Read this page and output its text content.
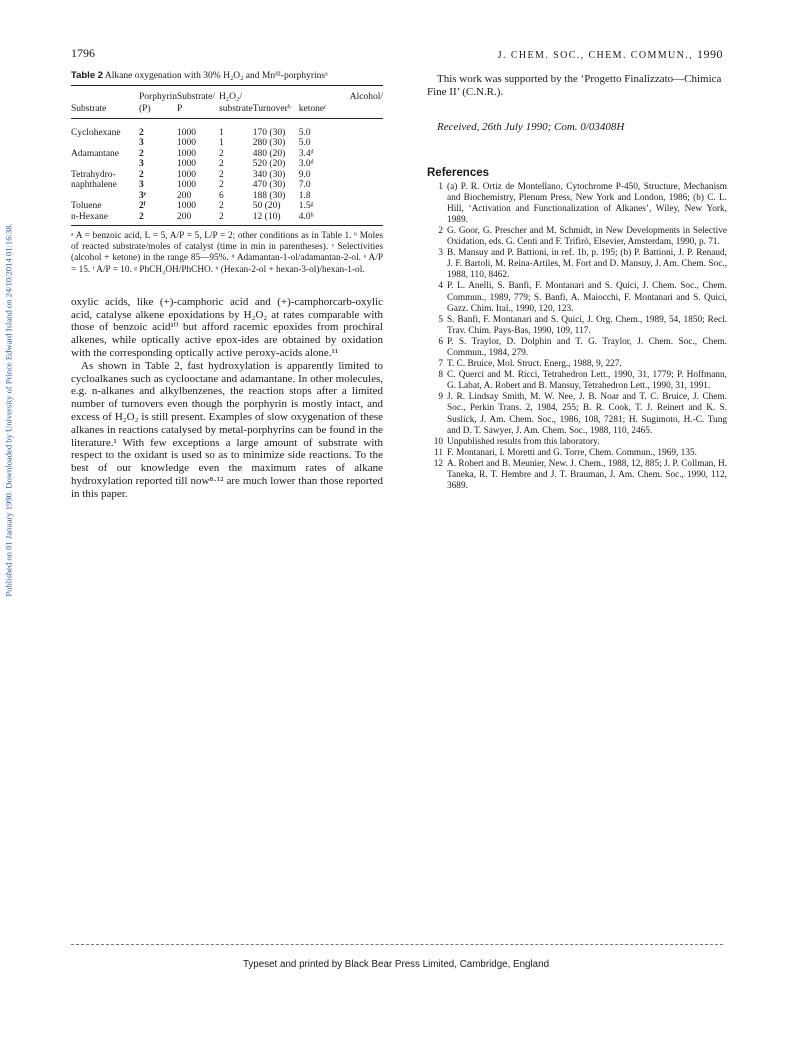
Published on 01 January 1990. Downloaded by University of Prince Edward Island on 24/10/2014 01:16:38.
1796	J. CHEM. SOC., CHEM. COMMUN., 1990
Table 2 Alkane oxygenation with 30% H₂O₂ and Mnᴵᴵᴵ-porphyrinsᵃ

	Porphyrin	Substrate/	H₂O₂/		Alcohol/
Substrate	(P)	P	substrate	Turnoverᵇ	ketoneᶜ

Cyclohexane	2	1000	1	170 (30)	5.0
	3	1000	1	280 (30)	5.0
Adamantane	2	1000	2	480 (20)	3.4ᵈ
	3	1000	2	520 (20)	3.0ᵈ
Tetrahydro-	2	1000	2	340 (30)	9.0
naphthalene	3	1000	2	470 (30)	7.0
	3ᵉ	200	6	188 (30)	1.8
Toluene	2ᶠ	1000	2	50 (20)	1.5ᵍ
n-Hexane	2	200	2	12 (10)	4.0ʰ

ᵃ A = benzoic acid, L = 5, A/P = 5, L/P = 2; other conditions as in Table 1. ᵇ Moles of reacted substrate/moles of catalyst (time in min in parentheses). ᶜ Selectivities (alcohol + ketone) in the range 85—95%. ᵈ Adamantan-1-ol/adamantan-2-ol. ᵉ A/P = 15. ᶠ A/P = 10. ᵍ PhCH₂OH/PhCHO. ʰ (Hexan-2-ol + hexan-3-ol)/hexan-1-ol.

oxylic acids, like (+)-camphoric acid and (+)-camphorcarb-oxylic acid, catalyse alkene epoxidations by H₂O₂ at rates comparable with those of benzoic acid¹⁰ but afford racemic epoxides from prochiral alkenes, while optically active epox-ides are obtained by oxidation with the corresponding optically active peroxy-acids alone.¹¹

As shown in Table 2, fast hydroxylation is apparently limited to cycloalkanes such as cyclooctane and adamantane. In other molecules, e.g. n-alkanes and alkylbenzenes, the reaction stops after a limited number of turnovers even though the porphyrin is mostly intact, and excess of H₂O₂ is still present. Examples of slow oxygenation of these alkanes in reactions catalysed by metal-porphyrins can be found in the literature.¹ With few exceptions a large amount of substrate with respect to the oxidant is used so as to minimize side reactions. To the best of our knowledge even the maximum rates of alkane hydroxylation reported till now⁸·¹² are much lower than those reported in this paper.

This work was supported by the ‘Progetto Finalizzato—Chimica Fine II’ (C.N.R.).
Received, 26th July 1990; Com. 0/03408H
References
1 (a) P. R. Ortiz de Montellano, Cytochrome P-450, Structure, Mechanism and Biochemistry, Plenum Press, New York and London, 1986; (b) C. L. Hill, ‘Activation and Functionalization of Alkanes’, Wiley, New York, 1989.
2 G. Goor, G. Prescher and M. Schmidt, in New Developments in Selective Oxidation, eds. G. Centi and F. Trifirò, Elsevier, Amsterdam, 1990, p. 71.
3 B. Mansuy and P. Battioni, in ref. 1b, p. 195; (b) P. Battioni, J. P. Renaud, J. F. Bartoli, M. Reina-Artiles, M. Fort and D. Mansuy, J. Am. Chem. Soc., 1988, 110, 8462.
4 P. L. Anelli, S. Banfi, F. Montanari and S. Quici, J. Chem. Soc., Chem. Commun., 1989, 779; S. Banfi, A. Maiocchi, F. Montanari and S. Quici, Gazz. Chim. Ital., 1990, 120, 123.
5 S. Banfi, F. Montanari and S. Quici, J. Org. Chem., 1989, 54, 1850; Recl. Trav. Chim. Pays-Bas, 1990, 109, 117.
6 P. S. Traylor, D. Dolphin and T. G. Traylor, J. Chem. Soc., Chem. Commun., 1984, 279.
7 T. C. Bruice, Mol. Struct. Energ., 1988, 9, 227.
8 C. Querci and M. Ricci, Tetrahedron Lett., 1990, 31, 1779; P. Hoffmann, G. Labat, A. Robert and B. Mansuy, Tetrahedron Lett., 1990, 31, 1991.
9 J. R. Lindsay Smith, M. W. Nee, J. B. Noar and T. C. Bruice, J. Chem. Soc., Perkin Trans. 2, 1984, 255; B. R. Cook, T. J. Reinert and K. S. Suslick, J. Am. Chem. Soc., 1986, 108, 7281; H. Sugimoto, H.-C. Tung and D. T. Sawyer, J. Am. Chem. Soc., 1988, 110, 2465.
10 Unpublished results from this laboratory.
11 F. Montanari, I. Moretti and G. Torre, Chem. Commun., 1969, 135.
12 A. Robert and B. Meunier, New. J. Chem., 1988, 12, 885; J. P. Collman, H. Taneka, R. T. Hembre and J. T. Brauman, J. Am. Chem. Soc., 1990, 112, 3689.
Typeset and printed by Black Bear Press Limited, Cambridge, England
